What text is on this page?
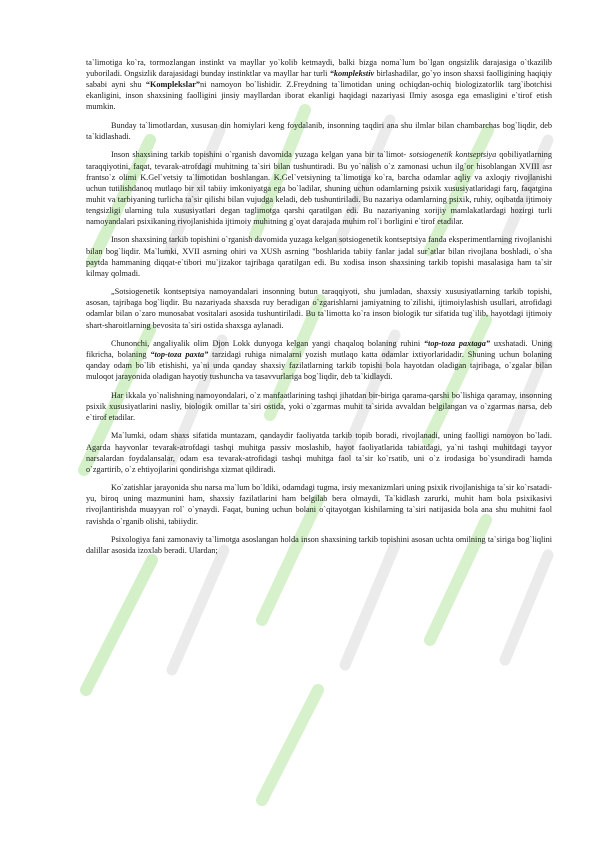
ta`limotiga ko`ra, tormozlangan instinkt va mayllar yo`kolib ketmaydi, balki bizga noma`lum bo`lgan ongsizlik darajasiga o`tkazilib yuboriladi. Ongsizlik darajasidagi bunday instinktlar va mayllar har turli “komplekstiv birlashadilar, go`yo inson shaxsi faolligining haqiqiy sababi ayni shu “Komplekslar”ni namoyon bo`lishidir. Z.Freydning ta`limotidan uning ochiqdan-ochiq biologizatorlik targ`ibotchisi ekanligini, inson shaxsining faolligini jinsiy mayllardan iborat ekanligi haqidagi nazariyasi Ilmiy asosga ega emasligini e`tirof etish mumkin.

Bunday ta`limotlardan, xususan din homiylari keng foydalanib, insonning taqdiri ana shu ilmlar bilan chambarchas bog`liqdir, deb ta`kidlashadi.

Inson shaxsining tarkib topishini o`rganish davomida yuzaga kelgan yana bir ta`limot- sotsiogenetik kontseptsiya qobiliyatlarning taraqqiyotini, faqat, tevarak-atrofdagi muhitning ta`siri bilan tushuntiradi. Bu yo`nalish o`z zamonasi uchun ilg`or hisoblangan XVIII asr frantso`z olimi K.Gel`vetsiy ta`limotidan boshlangan. K.Gel`vetsiyning ta`limotiga ko`ra, barcha odamlar aqliy va axloqiy rivojlanishi uchun tutilishdanoq mutlaqo bir xil tabiiy imkoniyatga ega bo`ladilar, shuning uchun odamlarning psixik xususiyatlaridagi farq, faqatgina muhit va tarbiyaning turlicha ta`sir qilishi bilan vujudga keladi, deb tushuntiriladi. Bu nazariya odamlarning psixik, ruhiy, oqibatda ijtimoiy tengsizligi ularning tula xususiyatlari degan taglimotga qarshi qaratilgan edi. Bu nazariyaning xorijiy mamlakatlardagi hozirgi turli namoyandalari psixikaning rivojlanishida ijtimoiy muhitning g`oyat darajada muhim rol`i borligini e`tirof etadilar.

Inson shaxsining tarkib topishini o`rganish davomida yuzaga kelgan sotsiogenetik kontseptsiya fanda eksperimentlarning rivojlanishi bilan bog`liqdir. Ma`lumki, XVII asrning ohiri va XUSh asrning "boshlarida tabiiy fanlar jadal sur`atlar bilan rivojlana boshladi, o`sha paytda hammaning diqqat-e`tibori mu`jizakor tajribaga qaratilgan edi. Bu xodisa inson shaxsining tarkib topishi masalasiga ham ta`sir kilmay qolmadi.

„Sotsiogenetik kontseptsiya namoyandalari insonning butun taraqqiyoti, shu jumladan, shaxsiy xususiyatlarning tarkib topishi, asosan, tajribaga bog`liqdir. Bu nazariyada shaxsda ruy beradigan o`zgarishlarni jamiyatning to`zilishi, ijtimoiylashish usullari, atrofidagi odamlar bilan o`zaro munosabat vositalari asosida tushuntiriladi. Bu ta`limotta ko`ra inson biologik tur sifatida tug`ilib, hayotdagi ijtimoiy shart-sharoitlarning bevosita ta`siri ostida shaxsga aylanadi.

Chunonchi, angaliyalik olim Djon Lokk dunyoga kelgan yangi chaqaloq bolaning ruhini “top-toza paxtaga” uxshatadi. Uning fikricha, bolaning “top-toza paxta” tarzidagi ruhiga nimalarni yozish mutlaqo katta odamlar ixtiyorlaridadir. Shuning uchun bolaning qanday odam bo`lib etishishi, ya`ni unda qanday shaxsiy fazilatlarning tarkib topishi bola hayotdan oladigan tajribaga, o`zgalar bilan muloqot jarayonida oladigan hayotiy tushuncha va tasavvurlariga bog`liqdir, deb ta`kidlaydi.

Har ikkala yo`nalishning namoyondalari, o`z manfaatlarining tashqi jihatdan bir-biriga qarama-qarshi bo`lishiga qaramay, insonning psixik xususiyatlarini nasliy, biologik omillar ta`siri ostida, yoki o`zgarmas muhit ta`sirida avvaldan belgilangan va o`zgarmas narsa, deb e`tirof etadilar.

Ma`lumki, odam shaxs sifatida muntazam, qandaydir faoliyatda tarkib topib boradi, rivojlanadi, uning faolligi namoyon bo`ladi. Agarda hayvonlar tevarak-atrofdagi tashqi muhitga passiv moslashib, hayot faoliyatlarida tabiatdagi, ya`ni tashqi muhitdagi tayyor narsalardan foydalansalar, odam esa tevarak-atrofidagi tashqi muhitga faol ta`sir ko`rsatib, uni o`z irodasiga bo`ysundiradi hamda o`zgartirib, o`z ehtiyojlarini qondirishga xizmat qildiradi.

Ko`zatishlar jarayonida shu narsa ma`lum bo`ldiki, odamdagi tugma, irsiy mexanizmlari uning psixik rivojlanishiga ta`sir ko`rsatadi-yu, biroq uning mazmunini ham, shaxsiy fazilatlarini ham belgilab bera olmaydi, Ta`kidlash zarurki, muhit ham bola psixikasivi rivojlantirishda muayyan rol` o`ynaydi. Faqat, buning uchun bolani o`qitayotgan kishilarning ta`siri natijasida bola ana shu muhitni faol ravishda o`rganib olishi, tabiiydir.

Psixologiya fani zamonaviy ta`limotga asoslangan holda inson shaxsining tarkib topishini asosan uchta omilning ta`siriga bog`liqlini dalillar asosida izoxlab beradi. Ulardan;
